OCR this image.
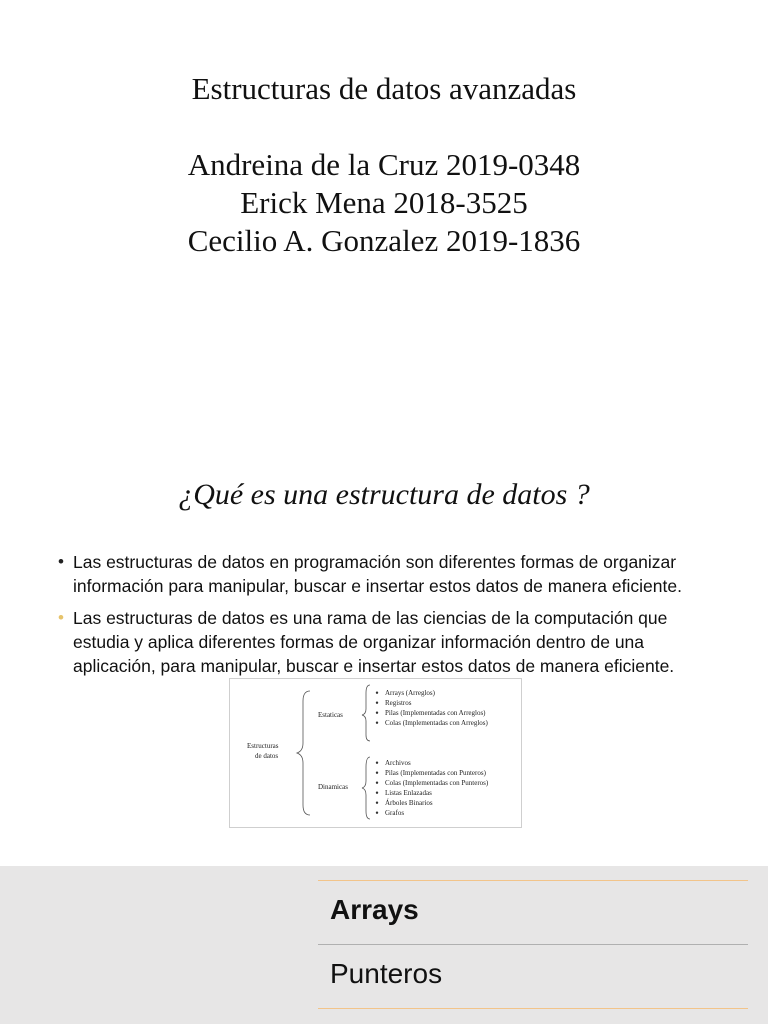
Estructuras de datos avanzadas
Andreina de la Cruz 2019-0348
Erick Mena 2018-3525
Cecilio A. Gonzalez 2019-1836
¿Qué es una estructura de datos ?
• Las estructuras de datos en programación son diferentes formas de organizar información para manipular, buscar e insertar estos datos de manera eficiente.
• Las estructuras de datos es una rama de las ciencias de la computación que estudia y aplica diferentes formas de organizar información dentro de una aplicación, para manipular, buscar e insertar estos datos de manera eficiente.
Estructuras
de datos
Estaticas
Dinamicas
Arrays (Arreglos)
Registros
Pilas (Implementadas con Arreglos)
Colas (Implementadas con Arreglos)
Archivos
Pilas (Implementadas con Punteros)
Colas (Implementadas con Punteros)
Listas Enlazadas
Árboles Binarios
Grafos
Arrays
Punteros
